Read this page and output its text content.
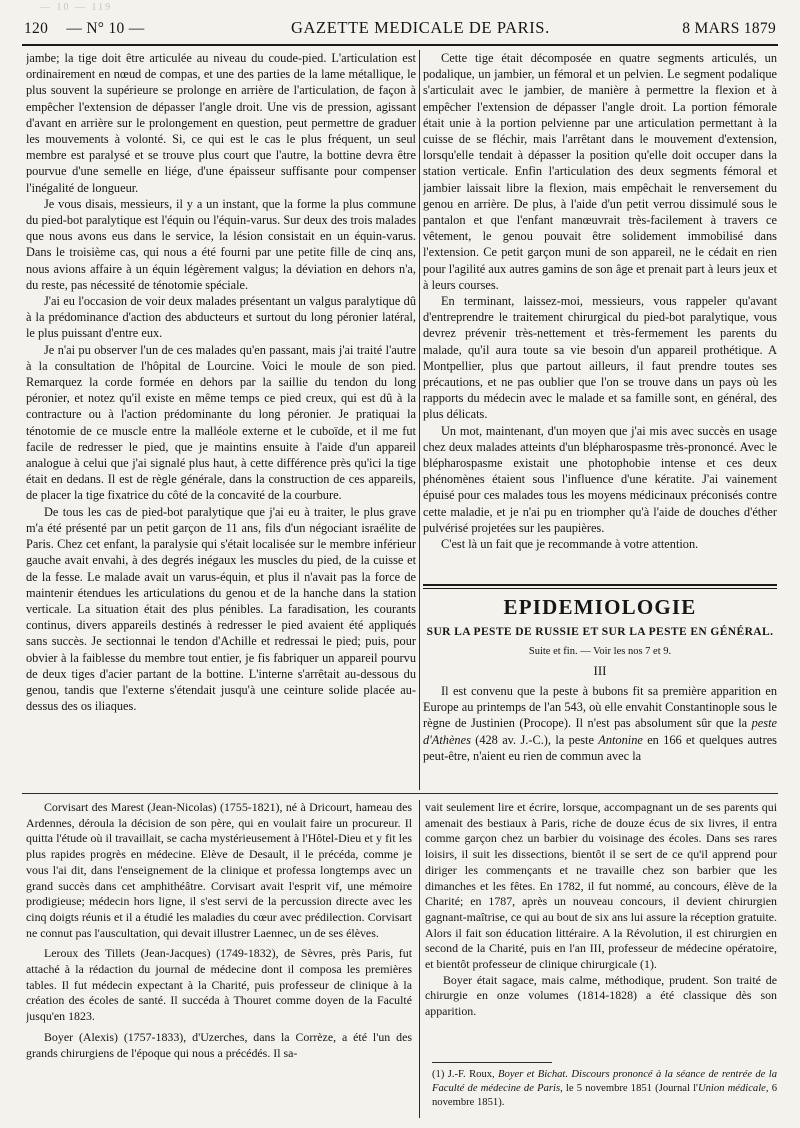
— 10 — 119
120 — N° 10 —	GAZETTE MEDICALE DE PARIS.	8 MARS 1879

jambe; la tige doit être articulée au niveau du coude-pied. L'articulation est ordinairement en nœud de compas, et une des parties de la lame métallique, le plus souvent la supérieure se prolonge en arrière de l'articulation, de façon à empêcher l'extension de dépasser l'angle droit. Une vis de pression, agissant d'avant en arrière sur le prolongement en question, peut permettre de graduer les mouvements à volonté. Si, ce qui est le cas le plus fréquent, un seul membre est paralysé et se trouve plus court que l'autre, la bottine devra être pourvue d'une semelle en liége, d'une épaisseur suffisante pour compenser l'inégalité de longueur.

Je vous disais, messieurs, il y a un instant, que la forme la plus commune du pied-bot paralytique est l'équin ou l'équin-varus. Sur deux des trois malades que nous avons eus dans le service, la lésion consistait en un équin-varus. Dans le troisième cas, qui nous a été fourni par une petite fille de cinq ans, nous avions affaire à un équin légèrement valgus; la déviation en dehors n'a, du reste, pas nécessité de ténotomie spéciale.

J'ai eu l'occasion de voir deux malades présentant un valgus paralytique dû à la prédominance d'action des abducteurs et surtout du long péronier latéral, le plus puissant d'entre eux.

Je n'ai pu observer l'un de ces malades qu'en passant, mais j'ai traité l'autre à la consultation de l'hôpital de Lourcine. Voici le moule de son pied. Remarquez la corde formée en dehors par la saillie du tendon du long péronier, et notez qu'il existe en même temps ce pied creux, qui est dû à la contracture ou à l'action prédominante du long péronier. Je pratiquai la ténotomie de ce muscle entre la malléole externe et le cuboïde, et il me fut facile de redresser le pied, que je maintins ensuite à l'aide d'un appareil analogue à celui que j'ai signalé plus haut, à cette différence près qu'ici la tige était en dedans. Il est de règle générale, dans la construction de ces appareils, de placer la tige fixatrice du côté de la concavité de la courbure.

De tous les cas de pied-bot paralytique que j'ai eu à traiter, le plus grave m'a été présenté par un petit garçon de 11 ans, fils d'un négociant israélite de Paris. Chez cet enfant, la paralysie qui s'était localisée sur le membre inférieur gauche avait envahi, à des degrés inégaux les muscles du pied, de la cuisse et de la fesse. Le malade avait un varus-équin, et plus il n'avait pas la force de maintenir étendues les articulations du genou et de la hanche dans la station verticale. La situation était des plus pénibles. La faradisation, les courants continus, divers appareils destinés à redresser le pied avaient été appliqués sans succès. Je sectionnai le tendon d'Achille et redressai le pied; puis, pour obvier à la faiblesse du membre tout entier, je fis fabriquer un appareil pourvu de deux tiges d'acier partant de la bottine. L'interne s'arrêtait au-dessous du genou, tandis que l'externe s'étendait jusqu'à une ceinture solide placée au-dessus des os iliaques.

Cette tige était décomposée en quatre segments articulés, un podalique, un jambier, un fémoral et un pelvien. Le segment podalique s'articulait avec le jambier, de manière à permettre la flexion et à empêcher l'extension de dépasser l'angle droit. La portion fémorale était unie à la portion pelvienne par une articulation permettant à la cuisse de se fléchir, mais l'arrêtant dans le mouvement d'extension, lorsqu'elle tendait à dépasser la position qu'elle doit occuper dans la station verticale. Enfin l'articulation des deux segments fémoral et jambier laissait libre la flexion, mais empêchait le renversement du genou en arrière. De plus, à l'aide d'un petit verrou dissimulé sous le pantalon et que l'enfant manœuvrait très-facilement à travers ce vêtement, le genou pouvait être solidement immobilisé dans l'extension. Ce petit garçon muni de son appareil, ne le cédait en rien pour l'agilité aux autres gamins de son âge et prenait part à leurs jeux et à leurs courses.

En terminant, laissez-moi, messieurs, vous rappeler qu'avant d'entreprendre le traitement chirurgical du pied-bot paralytique, vous devrez prévenir très-nettement et très-fermement les parents du malade, qu'il aura toute sa vie besoin d'un appareil prothétique. A Montpellier, plus que partout ailleurs, il faut prendre toutes ses précautions, et ne pas oublier que l'on se trouve dans un pays où les rapports du médecin avec le malade et sa famille sont, en général, des plus délicats.

Un mot, maintenant, d'un moyen que j'ai mis avec succès en usage chez deux malades atteints d'un blépharospasme très-prononcé. Avec le blépharospasme existait une photophobie intense et ces deux phénomènes étaient sous l'influence d'une kératite. J'ai vainement épuisé pour ces malades tous les moyens médicinaux préconisés contre cette maladie, et je n'ai pu en triompher qu'à l'aide de douches d'éther pulvérisé projetées sur les paupières.

C'est là un fait que je recommande à votre attention.

EPIDEMIOLOGIE
SUR LA PESTE DE RUSSIE ET SUR LA PESTE EN GÉNÉRAL.
Suite et fin. — Voir les nos 7 et 9.
III

Il est convenu que la peste à bubons fit sa première apparition en Europe au printemps de l'an 543, où elle envahit Constantinople sous le règne de Justinien (Procope). Il n'est pas absolument sûr que la peste d'Athènes (428 av. J.-C.), la peste Antonine en 166 et quelques autres peut-être, n'aient eu rien de commun avec la

Corvisart des Marest (Jean-Nicolas) (1755-1821), né à Dricourt, hameau des Ardennes, déroula la décision de son père, qui en voulait faire un procureur. Il quitta l'étude où il travaillait, se cacha mystérieusement à l'Hôtel-Dieu et y fit les plus rapides progrès en médecine. Elève de Desault, il le précéda, comme je vous l'ai dit, dans l'enseignement de la clinique et professa longtemps avec un grand succès dans cet amphithéâtre. Corvisart avait l'esprit vif, une mémoire prodigieuse; médecin hors ligne, il s'est servi de la percussion directe avec les cinq doigts réunis et il a étudié les maladies du cœur avec prédilection. Corvisart ne connut pas l'auscultation, qui devait illustrer Laennec, un de ses élèves.

Leroux des Tillets (Jean-Jacques) (1749-1832), de Sèvres, près Paris, fut attaché à la rédaction du journal de médecine dont il composa les premières tables. Il fut médecin expectant à la Charité, puis professeur de clinique à la création des écoles de santé. Il succéda à Thouret comme doyen de la Faculté jusqu'en 1823.

Boyer (Alexis) (1757-1833), d'Uzerches, dans la Corrèze, a été l'un des grands chirurgiens de l'époque qui nous a précédés. Il sa-

vait seulement lire et écrire, lorsque, accompagnant un de ses parents qui amenait des bestiaux à Paris, riche de douze écus de six livres, il entra comme garçon chez un barbier du voisinage des écoles. Dans ses rares loisirs, il suit les dissections, bientôt il se sert de ce qu'il apprend pour diriger les commençants et ne travaille chez son barbier que les dimanches et les fêtes. En 1782, il fut nommé, au concours, élève de la Charité; en 1787, après un nouveau concours, il devient chirurgien gagnant-maîtrise, ce qui au bout de six ans lui assure la réception gratuite. Alors il fait son éducation littéraire. A la Révolution, il est chirurgien en second de la Charité, puis en l'an III, professeur de médecine opératoire, et bientôt professeur de clinique chirurgicale (1).

Boyer était sagace, mais calme, méthodique, prudent. Son traité de chirurgie en onze volumes (1814-1828) a été classique dès son apparition.

(1) J.-F. Roux, Boyer et Bichat. Discours prononcé à la séance de rentrée de la Faculté de médecine de Paris, le 5 novembre 1851 (Journal l'Union médicale, 6 novembre 1851).
